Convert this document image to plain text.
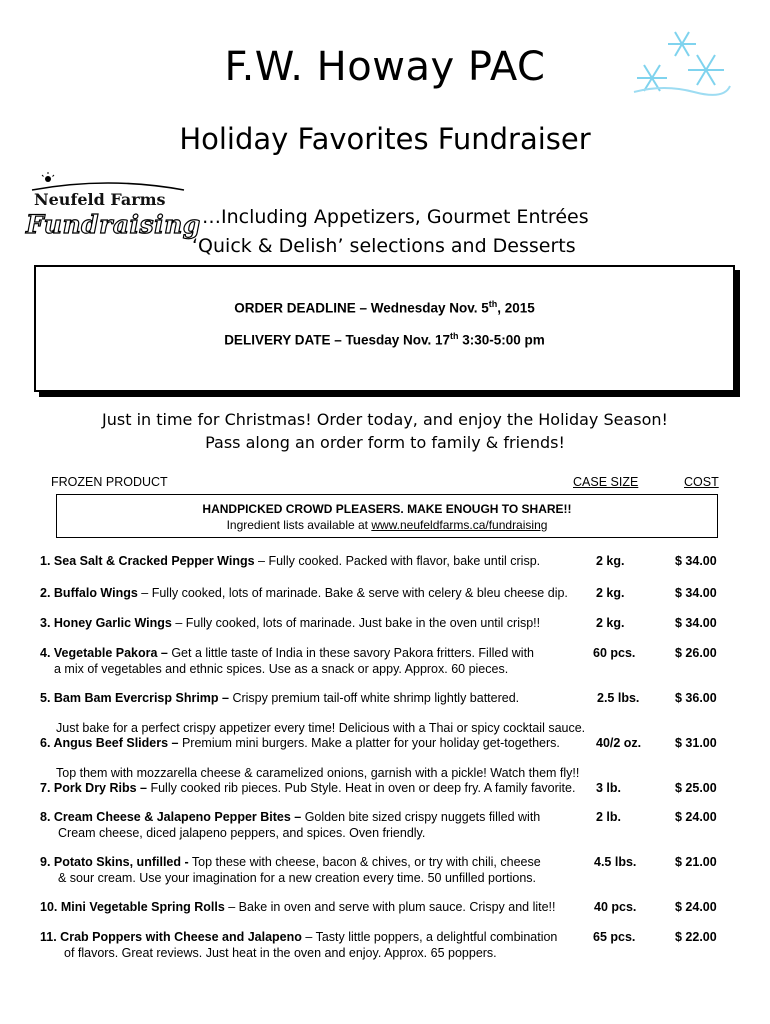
F.W. Howay PAC
Holiday Favorites Fundraiser
Neufeld Farms
Fundraising …Including Appetizers, Gourmet Entrées
‘Quick & Delish’ selections and Desserts
ORDER DEADLINE – Wednesday Nov. 5th, 2015
DELIVERY DATE – Tuesday Nov. 17th 3:30-5:00 pm
Just in time for Christmas! Order today, and enjoy the Holiday Season!
Pass along an order form to family & friends!
FROZEN PRODUCT	CASE SIZE	COST
HANDPICKED CROWD PLEASERS. MAKE ENOUGH TO SHARE!!
Ingredient lists available at www.neufeldfarms.ca/fundraising
1. Sea Salt & Cracked Pepper Wings – Fully cooked. Packed with flavor, bake until crisp.	2 kg.	$ 34.00
2. Buffalo Wings – Fully cooked, lots of marinade. Bake & serve with celery & bleu cheese dip. 2 kg.	$ 34.00
3. Honey Garlic Wings – Fully cooked, lots of marinade. Just bake in the oven until crisp!!	2 kg.	$ 34.00
4. Vegetable Pakora – Get a little taste of India in these savory Pakora fritters. Filled with
a mix of vegetables and ethnic spices. Use as a snack or appy. Approx. 60 pieces.
60 pcs.	$ 26.00
5. Bam Bam Evercrisp Shrimp – Crispy premium tail-off white shrimp lightly battered.	2.5 lbs.	$ 36.00
Just bake for a perfect crispy appetizer every time! Delicious with a Thai or spicy cocktail sauce.
6. Angus Beef Sliders – Premium mini burgers. Make a platter for your holiday get-togethers.	40/2 oz.	$ 31.00
Top them with mozzarella cheese & caramelized onions, garnish with a pickle! Watch them fly!!
7. Pork Dry Ribs – Fully cooked rib pieces. Pub Style. Heat in oven or deep fry. A family favorite. 3 lb.	$ 25.00
8. Cream Cheese & Jalapeno Pepper Bites – Golden bite sized crispy nuggets filled with
Cream cheese, diced jalapeno peppers, and spices. Oven friendly.
2 lb.	$ 24.00
9. Potato Skins, unfilled - Top these with cheese, bacon & chives, or try with chili, cheese
& sour cream. Use your imagination for a new creation every time. 50 unfilled portions.
4.5 lbs.	$ 21.00
10. Mini Vegetable Spring Rolls – Bake in oven and serve with plum sauce. Crispy and lite!!	40 pcs.	$ 24.00
11. Crab Poppers with Cheese and Jalapeno – Tasty little poppers, a delightful combination
of flavors. Great reviews. Just heat in the oven and enjoy. Approx. 65 poppers.
65 pcs.	$ 22.00
